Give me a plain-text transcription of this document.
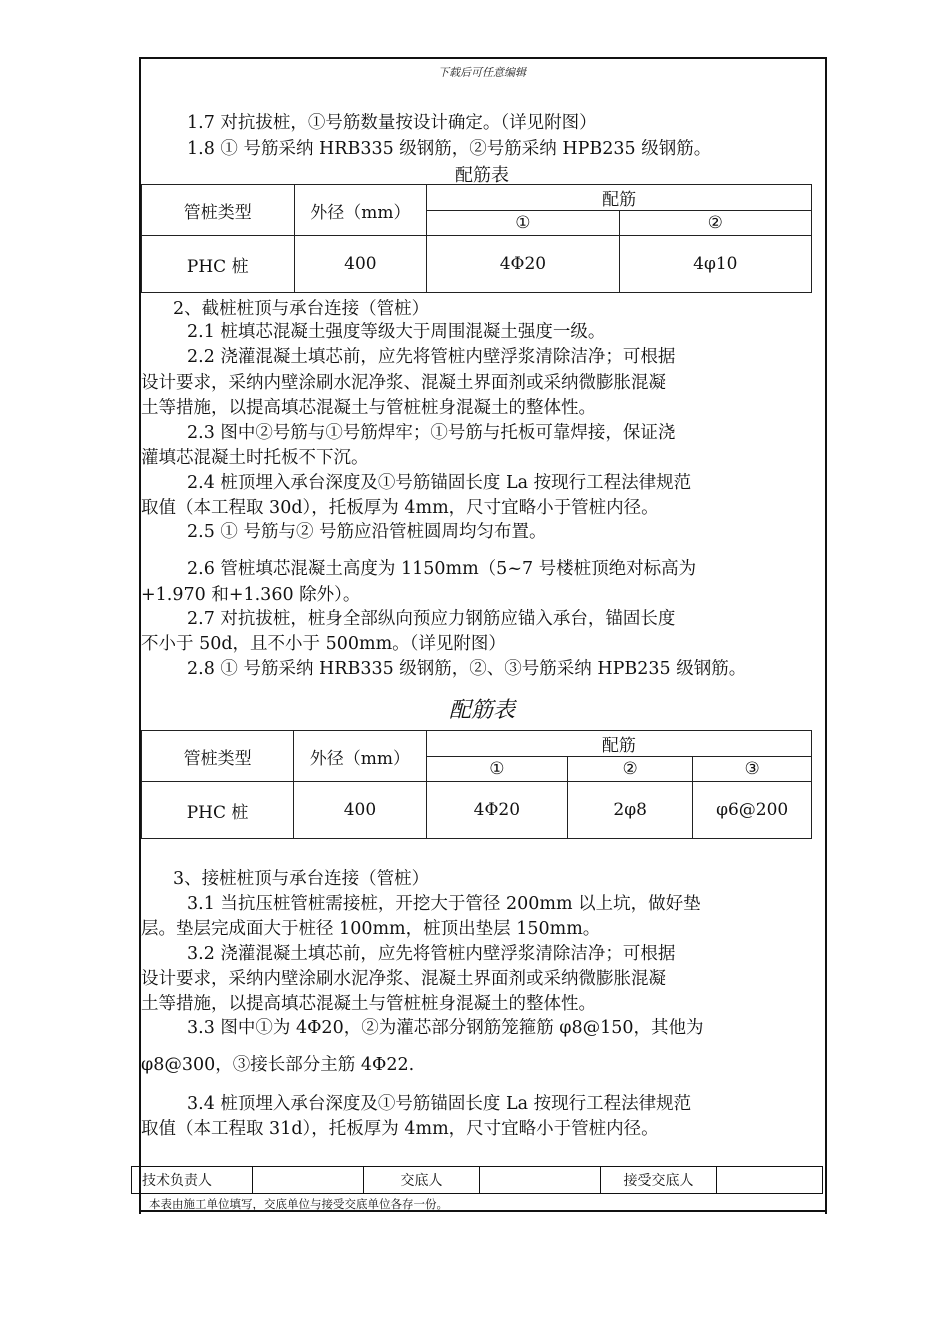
下载后可任意编辑
1.7 对抗拔桩，①号筋数量按设计确定。（详见附图）
1.8 ① 号筋采纳 HRB335 级钢筋，②号筋采纳 HPB235 级钢筋。
配筋表
管桩类型	外径（mm）	配筋	
		①	②
PHC 桩	400	4Φ20	4φ10
2、截桩桩顶与承台连接（管桩）
2.1 桩填芯混凝土强度等级大于周围混凝土强度一级。
2.2 浇灌混凝土填芯前，应先将管桩内壁浮浆清除洁净；可根据
设计要求，采纳内壁涂刷水泥净浆、混凝土界面剂或采纳微膨胀混凝
土等措施，以提高填芯混凝土与管桩桩身混凝土的整体性。
2.3 图中②号筋与①号筋焊牢；①号筋与托板可靠焊接，保证浇
灌填芯混凝土时托板不下沉。
2.4 桩顶埋入承台深度及①号筋锚固长度 La 按现行工程法律规范
取值（本工程取 30d），托板厚为 4mm，尺寸宜略小于管桩内径。
2.5 ① 号筋与② 号筋应沿管桩圆周均匀布置。
2.6 管桩填芯混凝土高度为 1150mm（5~7 号楼桩顶绝对标高为
+1.970 和+1.360 除外）。
2.7 对抗拔桩，桩身全部纵向预应力钢筋应锚入承台，锚固长度
不小于 50d，且不小于 500mm。（详见附图）
2.8 ① 号筋采纳 HRB335 级钢筋，②、③号筋采纳 HPB235 级钢筋。
配筋表
管桩类型	外径（mm）	配筋		
		①	②	③
PHC 桩	400	4Φ20	2φ8	φ6@200
3、接桩桩顶与承台连接（管桩）
3.1 当抗压桩管桩需接桩，开挖大于管径 200mm 以上坑，做好垫
层。垫层完成面大于桩径 100mm，桩顶出垫层 150mm。
3.2 浇灌混凝土填芯前，应先将管桩内壁浮浆清除洁净；可根据
设计要求，采纳内壁涂刷水泥净浆、混凝土界面剂或采纳微膨胀混凝
土等措施，以提高填芯混凝土与管桩桩身混凝土的整体性。
3.3 图中①为 4Φ20，②为灌芯部分钢筋笼箍筋 φ8@150，其他为
φ8@300，③接长部分主筋 4Φ22.
3.4 桩顶埋入承台深度及①号筋锚固长度 La 按现行工程法律规范
取值（本工程取 31d），托板厚为 4mm，尺寸宜略小于管桩内径。
技术负责人		交底人		接受交底人	
本表由施工单位填写，交底单位与接受交底单位各存一份。
